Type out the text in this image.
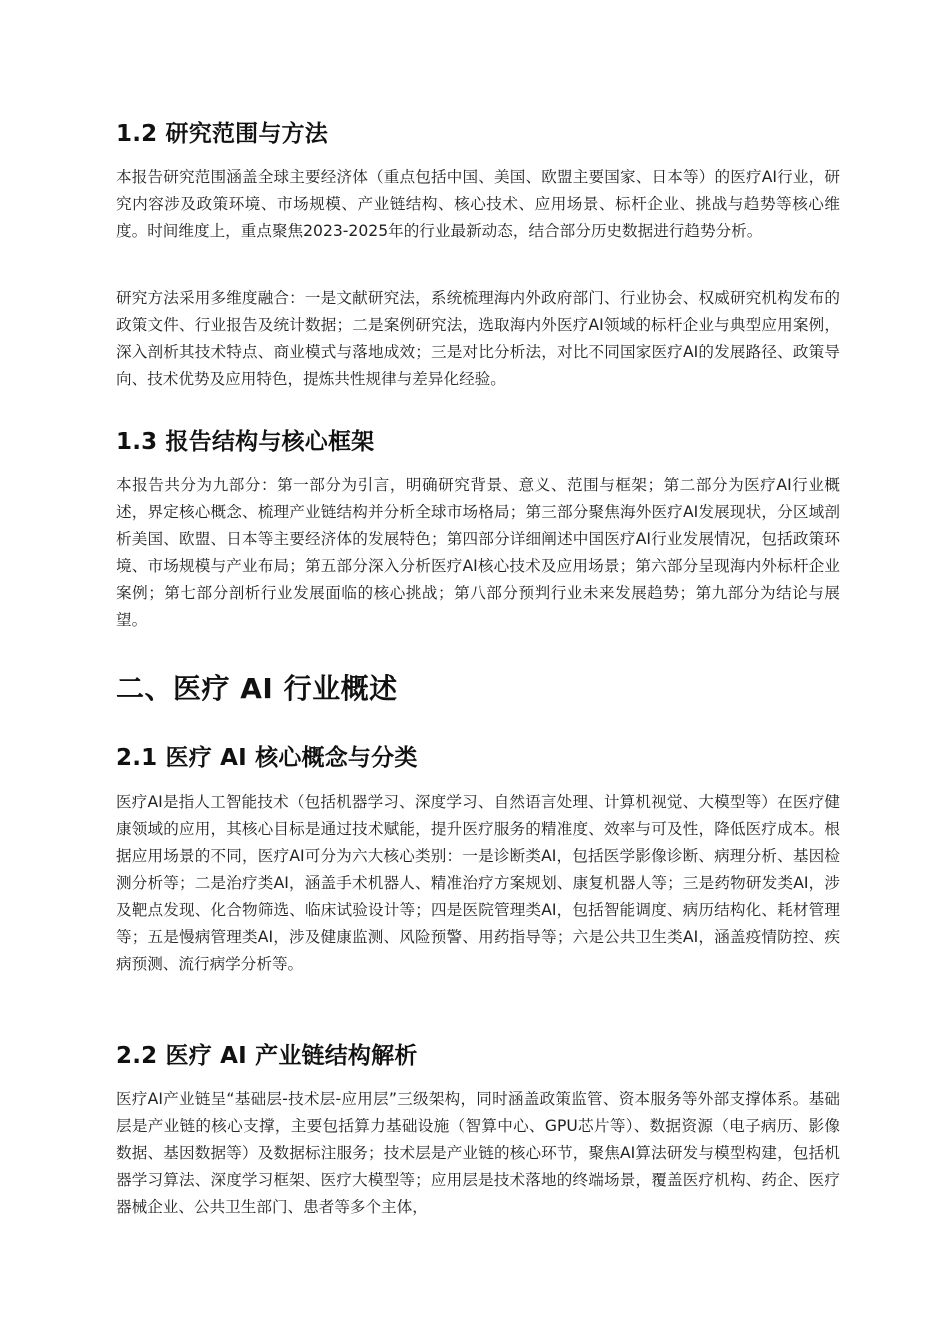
1.2 研究范围与方法

本报告研究范围涵盖全球主要经济体（重点包括中国、美国、欧盟主要国家、日本等）的医疗AI行业，研究内容涉及政策环境、市场规模、产业链结构、核心技术、应用场景、标杆企业、挑战与趋势等核心维度。时间维度上，重点聚焦2023-2025年的行业最新动态，结合部分历史数据进行趋势分析。

研究方法采用多维度融合：一是文献研究法，系统梳理海内外政府部门、行业协会、权威研究机构发布的政策文件、行业报告及统计数据；二是案例研究法，选取海内外医疗AI领域的标杆企业与典型应用案例，深入剖析其技术特点、商业模式与落地成效；三是对比分析法，对比不同国家医疗AI的发展路径、政策导向、技术优势及应用特色，提炼共性规律与差异化经验。

1.3 报告结构与核心框架

本报告共分为九部分：第一部分为引言，明确研究背景、意义、范围与框架；第二部分为医疗AI行业概述，界定核心概念、梳理产业链结构并分析全球市场格局；第三部分聚焦海外医疗AI发展现状，分区域剖析美国、欧盟、日本等主要经济体的发展特色；第四部分详细阐述中国医疗AI行业发展情况，包括政策环境、市场规模与产业布局；第五部分深入分析医疗AI核心技术及应用场景；第六部分呈现海内外标杆企业案例；第七部分剖析行业发展面临的核心挑战；第八部分预判行业未来发展趋势；第九部分为结论与展望。

二、医疗 AI 行业概述
2.1 医疗 AI 核心概念与分类

医疗AI是指人工智能技术（包括机器学习、深度学习、自然语言处理、计算机视觉、大模型等）在医疗健康领域的应用，其核心目标是通过技术赋能，提升医疗服务的精准度、效率与可及性，降低医疗成本。根据应用场景的不同，医疗AI可分为六大核心类别：一是诊断类AI，包括医学影像诊断、病理分析、基因检测分析等；二是治疗类AI，涵盖手术机器人、精准治疗方案规划、康复机器人等；三是药物研发类AI，涉及靶点发现、化合物筛选、临床试验设计等；四是医院管理类AI，包括智能调度、病历结构化、耗材管理等；五是慢病管理类AI，涉及健康监测、风险预警、用药指导等；六是公共卫生类AI，涵盖疫情防控、疾病预测、流行病学分析等。

2.2 医疗 AI 产业链结构解析

医疗AI产业链呈“基础层-技术层-应用层”三级架构，同时涵盖政策监管、资本服务等外部支撑体系。基础层是产业链的核心支撑，主要包括算力基础设施（智算中心、GPU芯片等）、数据资源（电子病历、影像数据、基因数据等）及数据标注服务；技术层是产业链的核心环节，聚焦AI算法研发与模型构建，包括机器学习算法、深度学习框架、医疗大模型等；应用层是技术落地的终端场景，覆盖医疗机构、药企、医疗器械企业、公共卫生部门、患者等多个主体，
